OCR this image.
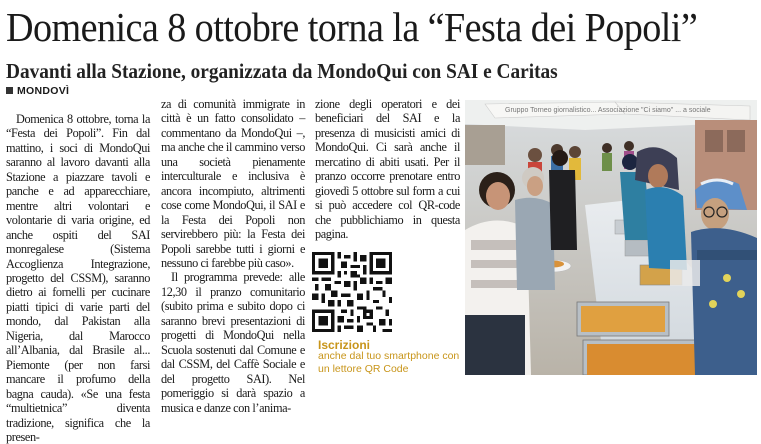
Domenica 8 ottobre torna la “Festa dei Popoli”
Davanti alla Stazione, organizzata da MondoQui con SAI e Caritas
MONDOVÌ

Domenica 8 ottobre, torna la “Festa dei Popoli”. Fin dal mattino, i soci di MondoQui saranno al lavoro davanti alla Stazione a piazzare tavoli e panche e ad apparecchiare, mentre altri volontari e volontarie di varia origine, ed anche ospiti del SAI monregalese (Sistema Accoglienza Integrazione, progetto del CSSM), saranno dietro ai fornelli per cucinare piatti tipici di varie parti del mondo, dal Pakistan alla Nigeria, dal Marocco all’Albania, dal Brasile al... Piemonte (per non farsi mancare il profumo della bagna cauda). «Se una festa “multietnica” diventa tradizione, significa che la presen-

za di comunità immigrate in città è un fatto consolidato – commentano da MondoQui –, ma anche che il cammino verso una società pienamente interculturale e inclusiva è ancora incompiuto, altrimenti cose come MondoQui, il SAI e la Festa dei Popoli non servirebbero più: la Festa dei Popoli sarebbe tutti i giorni e nessuno ci farebbe più caso».

Il programma prevede: alle 12,30 il pranzo comunitario (subito prima e subito dopo ci saranno brevi presentazioni di progetti di MondoQui nella Scuola sostenuti dal Comune e dal CSSM, del Caffè Sociale e del progetto SAI). Nel pomeriggio si darà spazio a musica e danze con l’anima-

zione degli operatori e dei beneficiari del SAI e la presenza di musicisti amici di MondoQui. Ci sarà anche il mercatino di abiti usati. Per il pranzo occorre prenotare entro giovedì 5 ottobre sul form a cui si può accedere col QR-code che pubblichiamo in questa pagina.

Iscrizioni
anche dal tuo smartphone con un lettore QR Code
Gruppo Torneo giornalistico... Associazione "Ci siamo" ... a sociale
